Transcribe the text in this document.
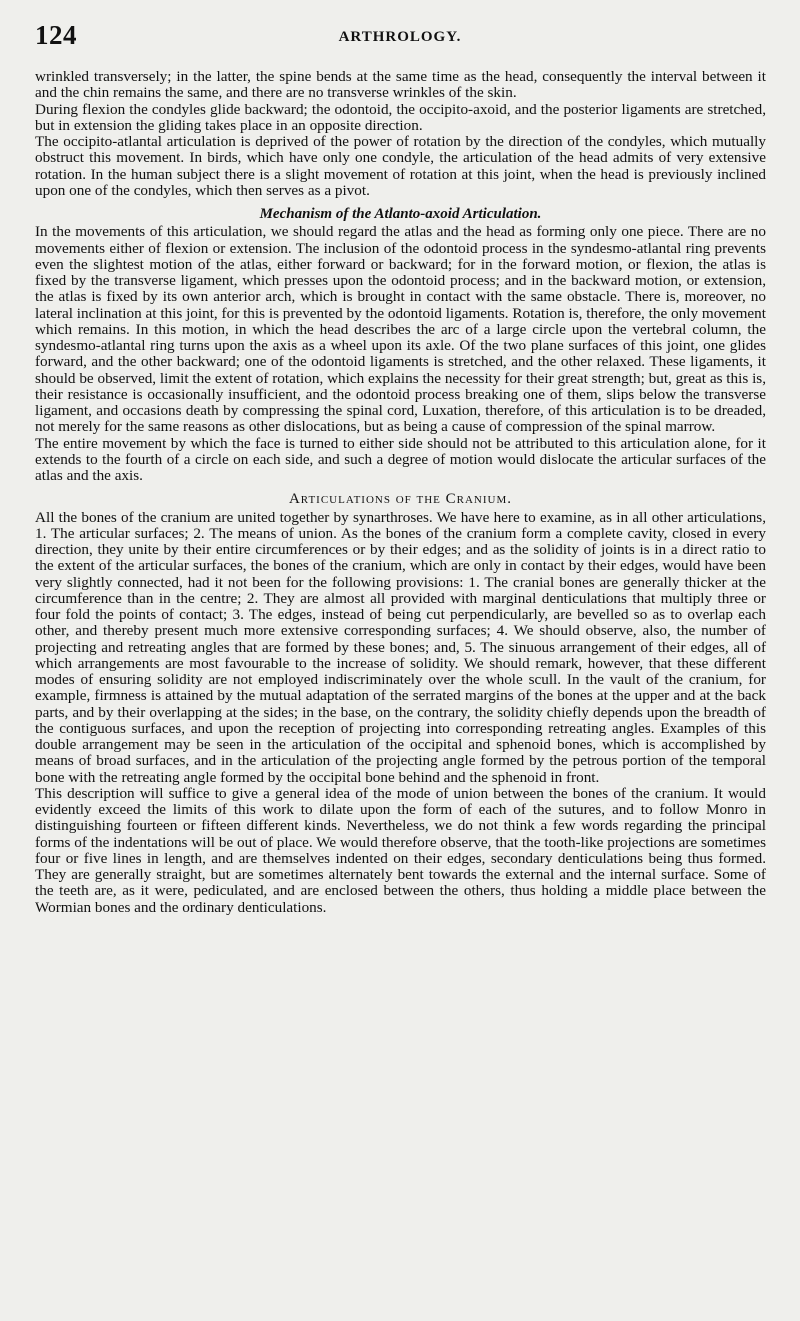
124	ARTHROLOGY.

wrinkled transversely; in the latter, the spine bends at the same time as the head, consequently the interval between it and the chin remains the same, and there are no transverse wrinkles of the skin.

During flexion the condyles glide backward; the odontoid, the occipito-axoid, and the posterior ligaments are stretched, but in extension the gliding takes place in an opposite direction.

The occipito-atlantal articulation is deprived of the power of rotation by the direction of the condyles, which mutually obstruct this movement. In birds, which have only one condyle, the articulation of the head admits of very extensive rotation. In the human subject there is a slight movement of rotation at this joint, when the head is previously inclined upon one of the condyles, which then serves as a pivot.

Mechanism of the Atlanto-axoid Articulation.

In the movements of this articulation, we should regard the atlas and the head as forming only one piece. There are no movements either of flexion or extension. The inclusion of the odontoid process in the syndesmo-atlantal ring prevents even the slightest motion of the atlas, either forward or backward; for in the forward motion, or flexion, the atlas is fixed by the transverse ligament, which presses upon the odontoid process; and in the backward motion, or extension, the atlas is fixed by its own anterior arch, which is brought in contact with the same obstacle. There is, moreover, no lateral inclination at this joint, for this is prevented by the odontoid ligaments. Rotation is, therefore, the only movement which remains. In this motion, in which the head describes the arc of a large circle upon the vertebral column, the syndesmo-atlantal ring turns upon the axis as a wheel upon its axle. Of the two plane surfaces of this joint, one glides forward, and the other backward; one of the odontoid ligaments is stretched, and the other relaxed. These ligaments, it should be observed, limit the extent of rotation, which explains the necessity for their great strength; but, great as this is, their resistance is occasionally insufficient, and the odontoid process breaking one of them, slips below the transverse ligament, and occasions death by compressing the spinal cord, Luxation, therefore, of this articulation is to be dreaded, not merely for the same reasons as other dislocations, but as being a cause of compression of the spinal marrow.

The entire movement by which the face is turned to either side should not be attributed to this articulation alone, for it extends to the fourth of a circle on each side, and such a degree of motion would dislocate the articular surfaces of the atlas and the axis.

Articulations of the Cranium.

All the bones of the cranium are united together by synarthroses. We have here to examine, as in all other articulations, 1. The articular surfaces; 2. The means of union. As the bones of the cranium form a complete cavity, closed in every direction, they unite by their entire circumferences or by their edges; and as the solidity of joints is in a direct ratio to the extent of the articular surfaces, the bones of the cranium, which are only in contact by their edges, would have been very slightly connected, had it not been for the following provisions: 1. The cranial bones are generally thicker at the circumference than in the centre; 2. They are almost all provided with marginal denticulations that multiply three or four fold the points of contact; 3. The edges, instead of being cut perpendicularly, are bevelled so as to overlap each other, and thereby present much more extensive corresponding surfaces; 4. We should observe, also, the number of projecting and retreating angles that are formed by these bones; and, 5. The sinuous arrangement of their edges, all of which arrangements are most favourable to the increase of solidity. We should remark, however, that these different modes of ensuring solidity are not employed indiscriminately over the whole scull. In the vault of the cranium, for example, firmness is attained by the mutual adaptation of the serrated margins of the bones at the upper and at the back parts, and by their overlapping at the sides; in the base, on the contrary, the solidity chiefly depends upon the breadth of the contiguous surfaces, and upon the reception of projecting into corresponding retreating angles. Examples of this double arrangement may be seen in the articulation of the occipital and sphenoid bones, which is accomplished by means of broad surfaces, and in the articulation of the projecting angle formed by the petrous portion of the temporal bone with the retreating angle formed by the occipital bone behind and the sphenoid in front.

This description will suffice to give a general idea of the mode of union between the bones of the cranium. It would evidently exceed the limits of this work to dilate upon the form of each of the sutures, and to follow Monro in distinguishing fourteen or fifteen different kinds. Nevertheless, we do not think a few words regarding the principal forms of the indentations will be out of place. We would therefore observe, that the tooth-like projections are sometimes four or five lines in length, and are themselves indented on their edges, secondary denticulations being thus formed. They are generally straight, but are sometimes alternately bent towards the external and the internal surface. Some of the teeth are, as it were, pediculated, and are enclosed between the others, thus holding a middle place between the Wormian bones and the ordinary denticulations.
